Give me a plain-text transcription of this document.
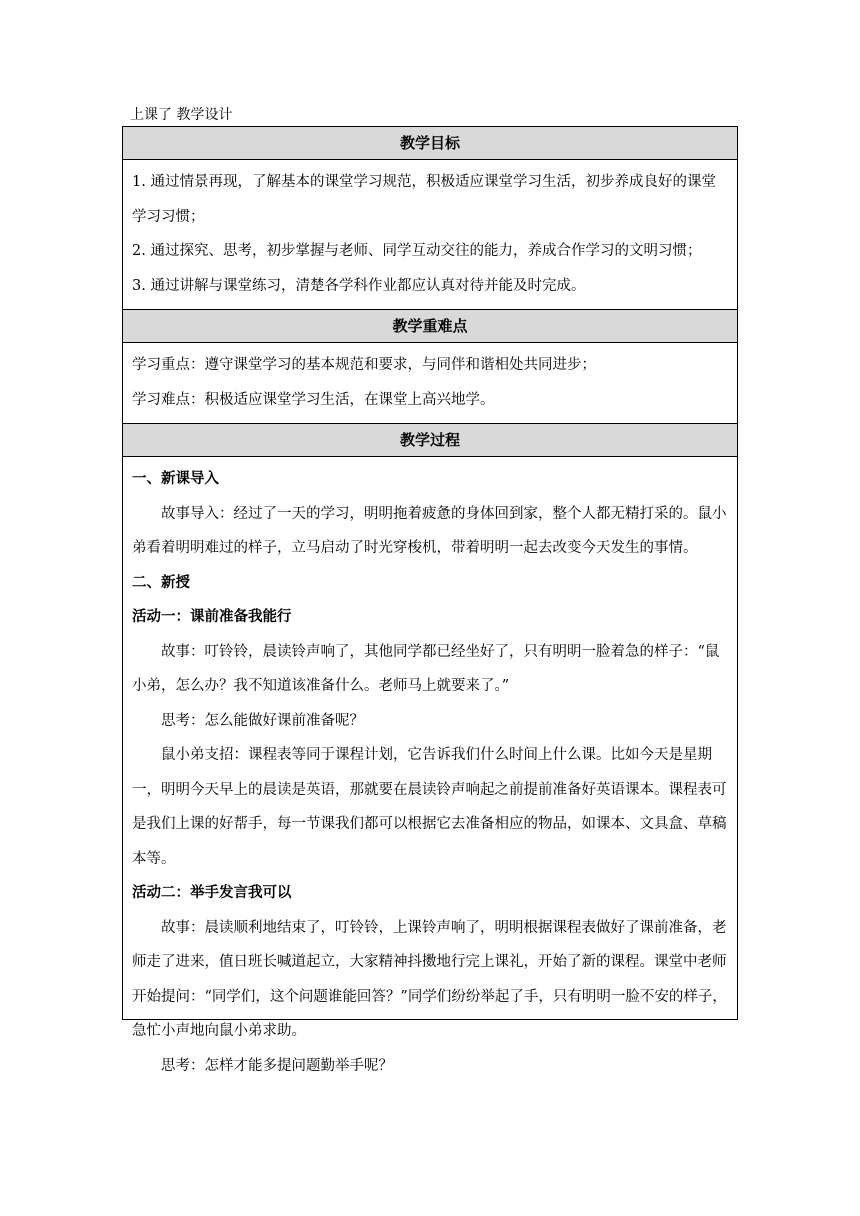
上课了 教学设计
教学目标

1. 通过情景再现，了解基本的课堂学习规范，积极适应课堂学习生活，初步养成良好的课堂学习习惯；

2. 通过探究、思考，初步掌握与老师、同学互动交往的能力，养成合作学习的文明习惯；

3. 通过讲解与课堂练习，清楚各学科作业都应认真对待并能及时完成。

教学重难点

学习重点：遵守课堂学习的基本规范和要求，与同伴和谐相处共同进步；

学习难点：积极适应课堂学习生活，在课堂上高兴地学。

教学过程

一、新课导入

故事导入：经过了一天的学习，明明拖着疲惫的身体回到家，整个人都无精打采的。鼠小弟看着明明难过的样子，立马启动了时光穿梭机，带着明明一起去改变今天发生的事情。

二、新授

活动一：课前准备我能行

故事：叮铃铃，晨读铃声响了，其他同学都已经坐好了，只有明明一脸着急的样子：“鼠小弟，怎么办？我不知道该准备什么。老师马上就要来了。”

思考：怎么能做好课前准备呢？

鼠小弟支招：课程表等同于课程计划，它告诉我们什么时间上什么课。比如今天是星期一，明明今天早上的晨读是英语，那就要在晨读铃声响起之前提前准备好英语课本。课程表可是我们上课的好帮手，每一节课我们都可以根据它去准备相应的物品，如课本、文具盒、草稿本等。

活动二：举手发言我可以

故事：晨读顺利地结束了，叮铃铃，上课铃声响了，明明根据课程表做好了课前准备，老师走了进来，值日班长喊道起立，大家精神抖擞地行完上课礼，开始了新的课程。课堂中老师开始提问：“同学们，这个问题谁能回答？”同学们纷纷举起了手，只有明明一脸不安的样子，急忙小声地向鼠小弟求助。

思考：怎样才能多提问题勤举手呢？
